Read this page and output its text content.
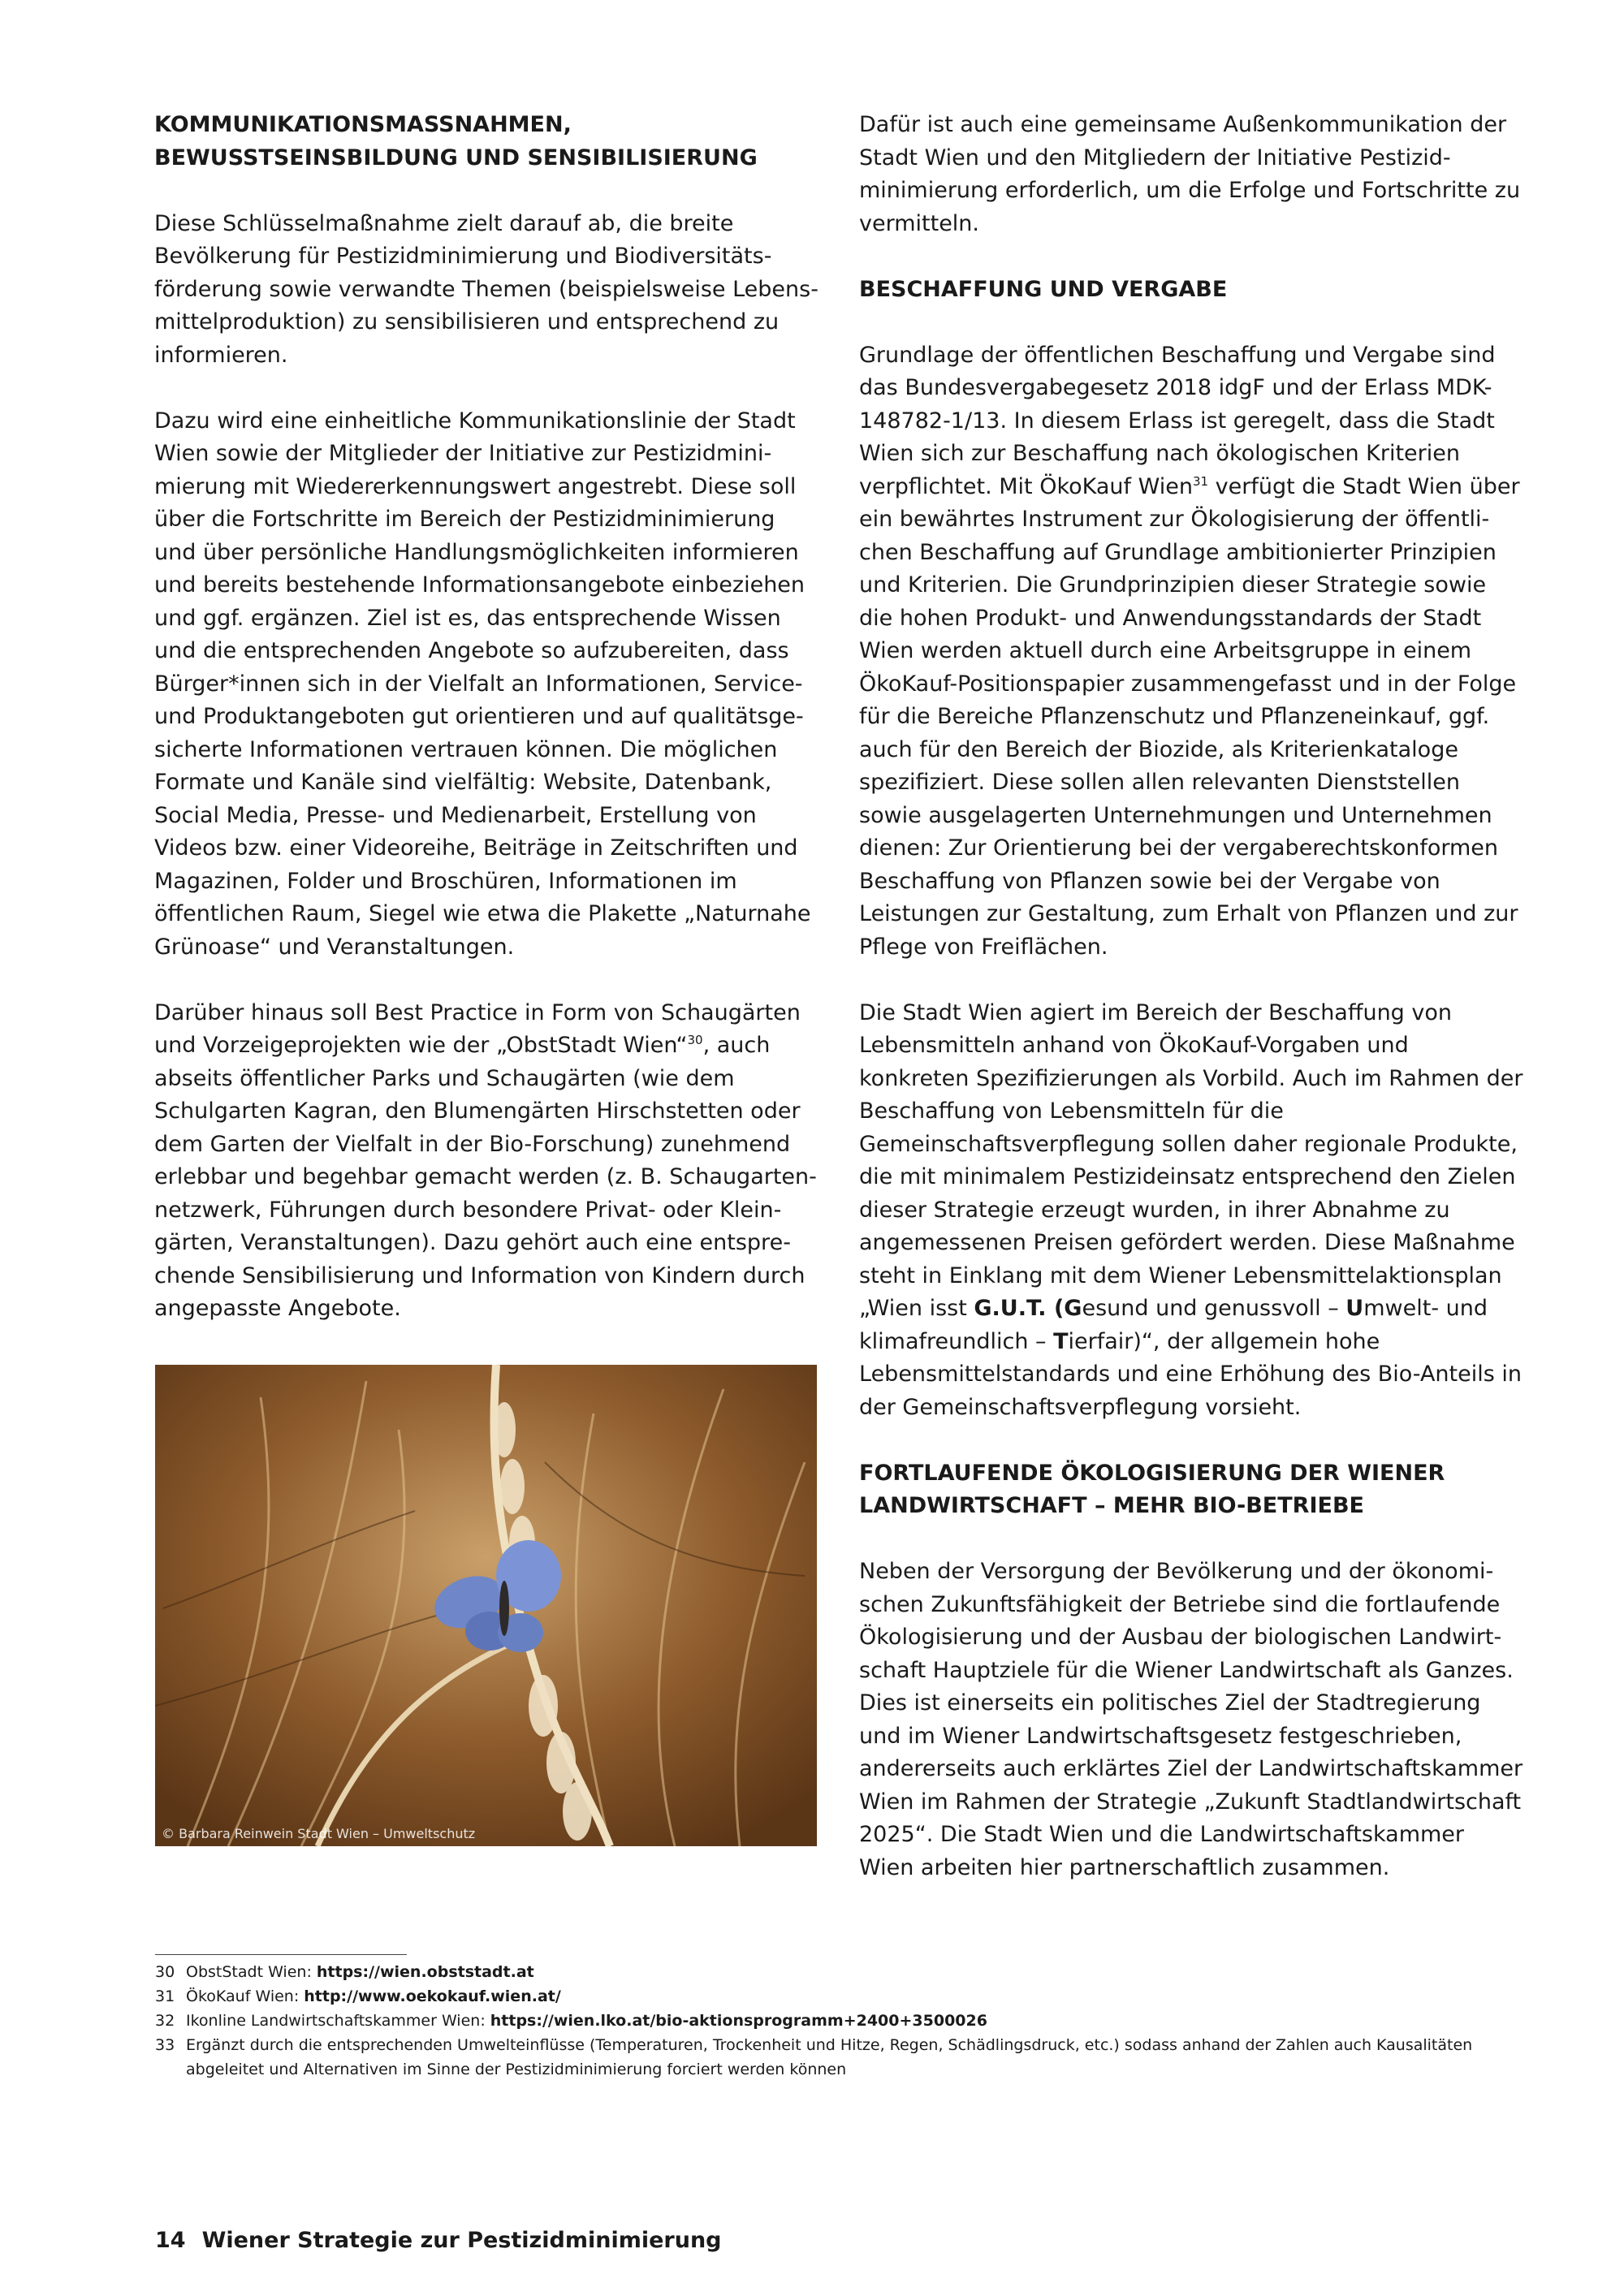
KOMMUNIKATIONSMASSNAHMEN, BEWUSSTSEINSBILDUNG UND SENSIBILISIERUNG

Diese Schlüsselmaßnahme zielt darauf ab, die breite Bevölkerung für Pestizidminimierung und Biodiversitätsförderung sowie verwandte Themen (beispielsweise Lebensmittelproduktion) zu sensibilisieren und entsprechend zu informieren.

Dazu wird eine einheitliche Kommunikationslinie der Stadt Wien sowie der Mitglieder der Initiative zur Pestizidminimierung mit Wiedererkennungswert angestrebt. Diese soll über die Fortschritte im Bereich der Pestizidminimierung und über persönliche Handlungsmöglichkeiten informieren und bereits bestehende Informationsangebote einbeziehen und ggf. ergänzen. Ziel ist es, das entsprechende Wissen und die entsprechenden Angebote so aufzubereiten, dass Bürger*innen sich in der Vielfalt an Informationen, Service- und Produktangeboten gut orientieren und auf qualitätsgesicherte Informationen vertrauen können. Die möglichen Formate und Kanäle sind vielfältig: Website, Datenbank, Social Media, Presse- und Medienarbeit, Erstellung von Videos bzw. einer Videoreihe, Beiträge in Zeitschriften und Magazinen, Folder und Broschüren, Informationen im öffentlichen Raum, Siegel wie etwa die Plakette „Naturnahe Grünoase“ und Veranstaltungen.

Darüber hinaus soll Best Practice in Form von Schaugärten und Vorzeigeprojekten wie der „ObstStadt Wien“$^{30}$, auch abseits öffentlicher Parks und Schaugärten (wie dem Schulgarten Kagran, den Blumengärten Hirschstetten oder dem Garten der Vielfalt in der Bio-Forschung) zunehmend erlebbar und begehbar gemacht werden (z. B. Schaugartennetzwerk, Führungen durch besondere Privat- oder Kleingärten, Veranstaltungen). Dazu gehört auch eine entsprechende Sensibilisierung und Information von Kindern durch angepasste Angebote.

© Barbara Reinwein Stadt Wien – Umweltschutz

Dafür ist auch eine gemeinsame Außenkommunikation der Stadt Wien und den Mitgliedern der Initiative Pestizidminimierung erforderlich, um die Erfolge und Fortschritte zu vermitteln.

BESCHAFFUNG UND VERGABE

Grundlage der öffentlichen Beschaffung und Vergabe sind das Bundesvergabegesetz 2018 idgF und der Erlass MDK-148782-1/13. In diesem Erlass ist geregelt, dass die Stadt Wien sich zur Beschaffung nach ökologischen Kriterien verpflichtet. Mit ÖkoKauf Wien$^{31}$ verfügt die Stadt Wien über ein bewährtes Instrument zur Ökologisierung der öffentlichen Beschaffung auf Grundlage ambitionierter Prinzipien und Kriterien. Die Grundprinzipien dieser Strategie sowie die hohen Produkt- und Anwendungsstandards der Stadt Wien werden aktuell durch eine Arbeitsgruppe in einem ÖkoKauf-Positionspapier zusammengefasst und in der Folge für die Bereiche Pflanzenschutz und Pflanzeneinkauf, ggf. auch für den Bereich der Biozide, als Kriterienkataloge spezifiziert. Diese sollen allen relevanten Dienststellen sowie ausgelagerten Unternehmungen und Unternehmen dienen: Zur Orientierung bei der vergaberechtskonformen Beschaffung von Pflanzen sowie bei der Vergabe von Leistungen zur Gestaltung, zum Erhalt von Pflanzen und zur Pflege von Freiflächen.

Die Stadt Wien agiert im Bereich der Beschaffung von Lebensmitteln anhand von ÖkoKauf-Vorgaben und konkreten Spezifizierungen als Vorbild. Auch im Rahmen der Beschaffung von Lebensmitteln für die Gemeinschaftsverpflegung sollen daher regionale Produkte, die mit minimalem Pestizideinsatz entsprechend den Zielen dieser Strategie erzeugt wurden, in ihrer Abnahme zu angemessenen Preisen gefördert werden. Diese Maßnahme steht in Einklang mit dem Wiener Lebensmittelaktionsplan „Wien isst G.U.T. (Gesund und genussvoll – Umwelt- und klimafreundlich – Tierfair)“, der allgemein hohe Lebensmittelstandards und eine Erhöhung des Bio-Anteils in der Gemeinschaftsverpflegung vorsieht.

FORTLAUFENDE ÖKOLOGISIERUNG DER WIENER LANDWIRTSCHAFT – MEHR BIO-BETRIEBE

Neben der Versorgung der Bevölkerung und der ökonomischen Zukunftsfähigkeit der Betriebe sind die fortlaufende Ökologisierung und der Ausbau der biologischen Landwirtschaft Hauptziele für die Wiener Landwirtschaft als Ganzes. Dies ist einerseits ein politisches Ziel der Stadtregierung und im Wiener Landwirtschaftsgesetz festgeschrieben, andererseits auch erklärtes Ziel der Landwirtschaftskammer Wien im Rahmen der Strategie „Zukunft Stadtlandwirtschaft 2025“. Die Stadt Wien und die Landwirtschaftskammer Wien arbeiten hier partnerschaftlich zusammen.

30 ObstStadt Wien: https://wien.obststadt.at
31 ÖkoKauf Wien: http://www.oekokauf.wien.at/
32 Ikonline Landwirtschaftskammer Wien: https://wien.lko.at/bio-aktionsprogramm+2400+3500026
33 Ergänzt durch die entsprechenden Umwelteinflüsse (Temperaturen, Trockenheit und Hitze, Regen, Schädlingsdruck, etc.) sodass anhand der Zahlen auch Kausalitäten abgeleitet und Alternativen im Sinne der Pestizidminimierung forciert werden können
14 Wiener Strategie zur Pestizidminimierung
